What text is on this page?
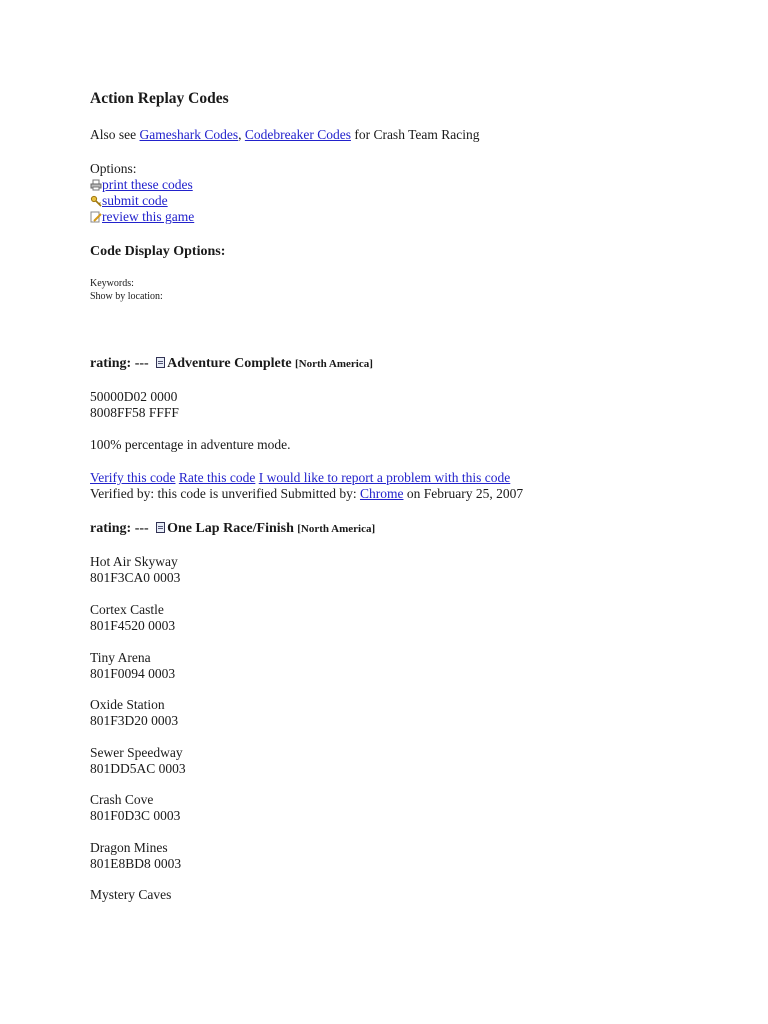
Action Replay Codes
Also see Gameshark Codes, Codebreaker Codes for Crash Team Racing
Options:
print these codes
submit code
review this game
Code Display Options:
Keywords:
Show by location:
rating: --- Adventure Complete [North America]
50000D02 0000
8008FF58 FFFF
100% percentage in adventure mode.
Verify this code Rate this code I would like to report a problem with this code
Verified by: this code is unverified Submitted by: Chrome on February 25, 2007
rating: --- One Lap Race/Finish [North America]
Hot Air Skyway
801F3CA0 0003
Cortex Castle
801F4520 0003
Tiny Arena
801F0094 0003
Oxide Station
801F3D20 0003
Sewer Speedway
801DD5AC 0003
Crash Cove
801F0D3C 0003
Dragon Mines
801E8BD8 0003
Mystery Caves
